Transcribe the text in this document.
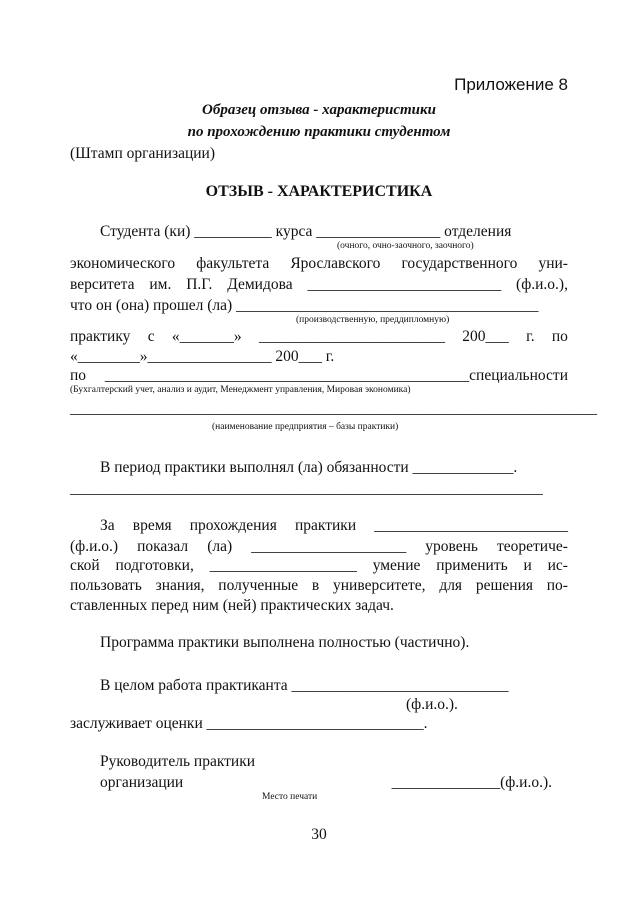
Приложение 8
Образец отзыва - характеристики
по прохождению практики студентом
(Штамп организации)
ОТЗЫВ - ХАРАКТЕРИСТИКА
Студента (ки) __________ курса ________________ отделения
(очного, очно-заочного, заочного)
экономического факультета Ярославского государственного уни-
верситета им. П.Г. Демидова _________________________ (ф.и.о.),
что он (она) прошел (ла) _______________________________________
(производственную, преддипломную)
практику с «_______» ________________________ 200___ г. по
«________»________________ 200___ г.
по _______________________________________________специальности
(Бухгалтерский учет, анализ и аудит, Менеджмент управления, Мировая экономика)
____________________________________________________________________
(наименование предприятия – базы практики)
В период практики выполнял (ла) обязанности _____________.
_____________________________________________________________
За время прохождения практики _________________________
(ф.и.о.) показал (ла) ____________________ уровень теоретиче-
ской подготовки, ___________________ умение применить и ис-
пользовать знания, полученные в университете, для решения по-
ставленных перед ним (ней) практических задач.
Программа практики выполнена полностью (частично).
В целом работа практиканта ____________________________
(ф.и.о.).
заслуживает оценки ____________________________.
Руководитель практики
организации	______________(ф.и.о.).
Место печати
30
